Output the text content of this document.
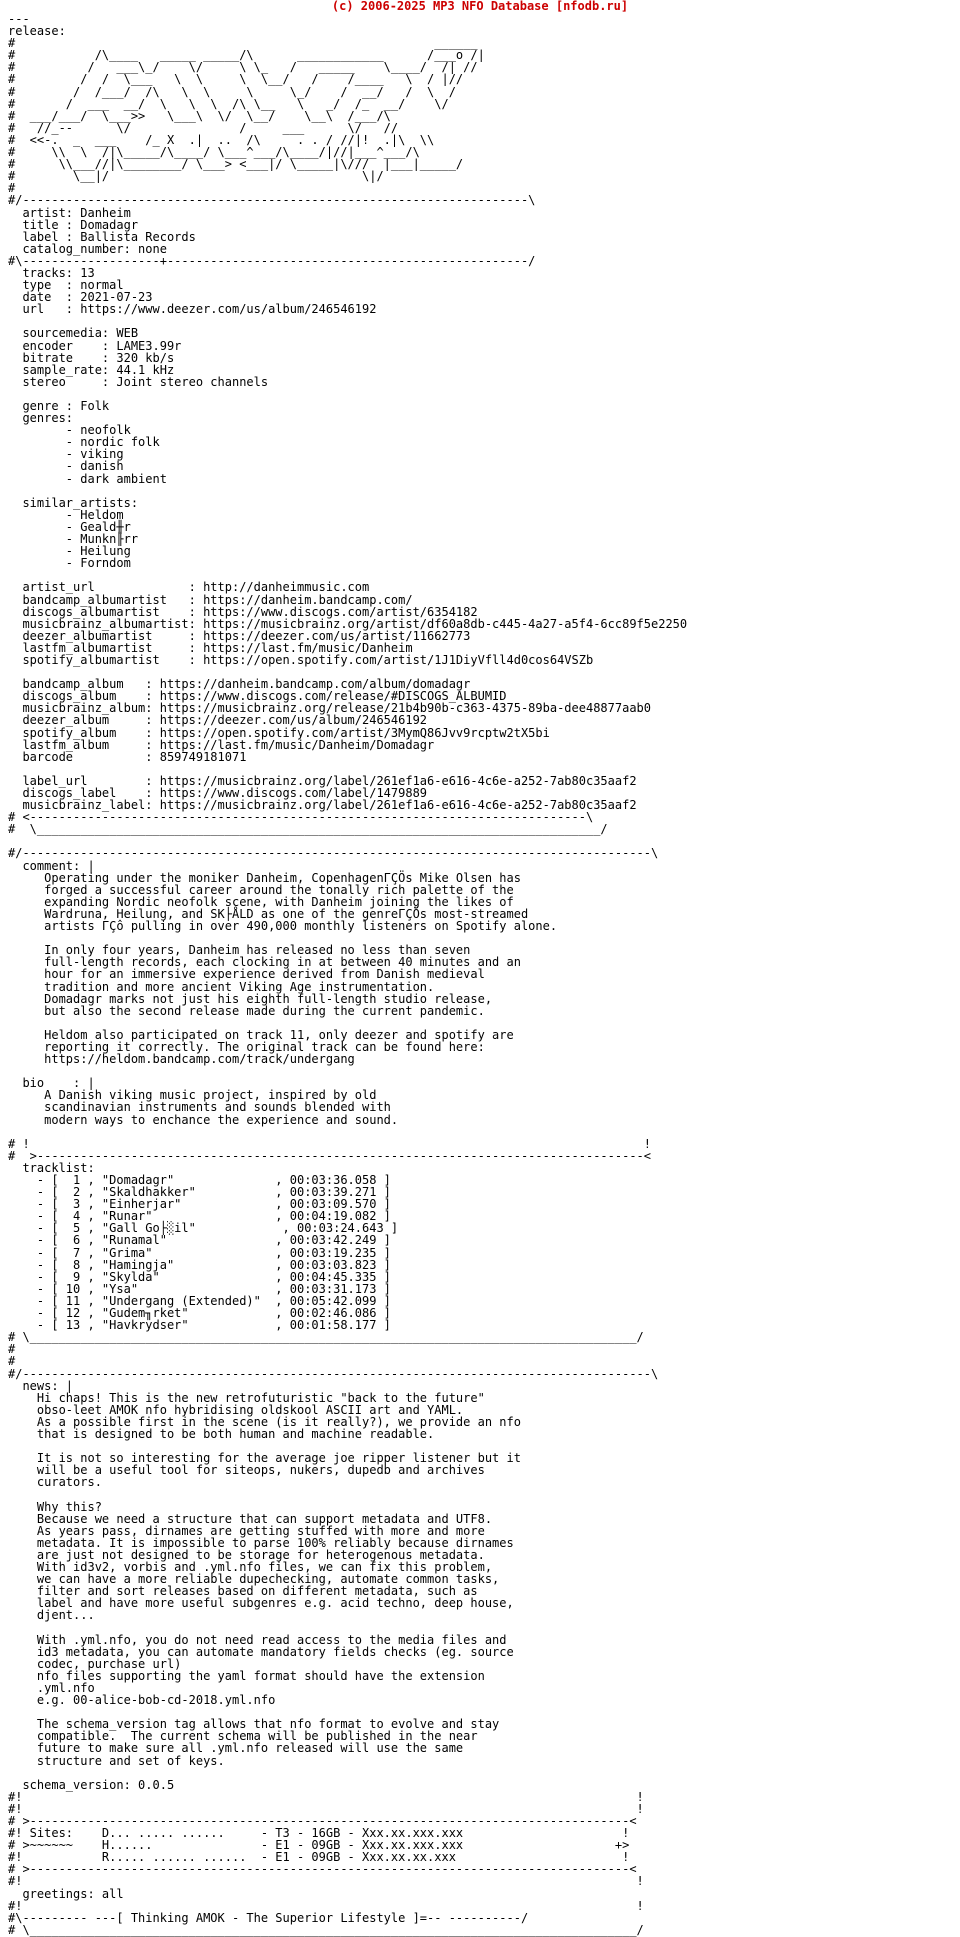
(c) 2006-2025 MP3 NFO Database [nfodb.ru]
---
release:
#                                                          ______
#           /\____   _____ _____/\      ____________      /___o /|
#          /   ___\_/    \/     \ \_   /   _____    \____/  /| //
#         /  /  \___   \  \     \  \__/   /    /____   \  / |//
#        /  /___/  /\   \  \     \     \_/    /  __/   /  \  /
#       /  ___  __/  \   \  \  /\ \__   \   _/  /_  __/    \/
#  ___/___/  \___>>   \___\  \/  \__/    \__\  /___/\
#   //_--      \/               /     ___      \/   //
#  <<-.  _  ___    /_ X  .|  ..  /\     . . / //|!  .|\  \\
#     \\  \  /|\_____/\____/ \___^___/\____/|//|___^___/\
#      \\___//|\________/ \___> <___|/ \_____|\///  |___|_____/
#        \__|/                                   \|/
#
#/----------------------------------------------------------------------\
artist: Danheim
title : Domadagr
label : Ballista Records
catalog_number: none
#\-------------------+--------------------------------------------------/
tracks: 13
type  : normal
date  : 2021-07-23
url   : https://www.deezer.com/us/album/246546192

sourcemedia: WEB
encoder    : LAME3.99r
bitrate    : 320 kb/s
sample_rate: 44.1 kHz
stereo     : Joint stereo channels

genre : Folk
genres:
- neofolk
- nordic folk
- viking
- danish
- dark ambient

similar_artists:
- Heldom
- Geald╫r
- Munkn╟rr
- Heilung
- Forndom

artist_url             : http://danheimmusic.com
bandcamp_albumartist   : https://danheim.bandcamp.com/
discogs_albumartist    : https://www.discogs.com/artist/6354182
musicbrainz_albumartist: https://musicbrainz.org/artist/df60a8db-c445-4a27-a5f4-6cc89f5e2250
deezer_albumartist     : https://deezer.com/us/artist/11662773
lastfm_albumartist     : https://last.fm/music/Danheim
spotify_albumartist    : https://open.spotify.com/artist/1J1DiyVfll4d0cos64VSZb

bandcamp_album   : https://danheim.bandcamp.com/album/domadagr
discogs_album    : https://www.discogs.com/release/#DISCOGS_ALBUMID
musicbrainz_album: https://musicbrainz.org/release/21b4b90b-c363-4375-89ba-dee48877aab0
deezer_album     : https://deezer.com/us/album/246546192
spotify_album    : https://open.spotify.com/artist/3MymQ86Jvv9rcptw2tX5bi
lastfm_album     : https://last.fm/music/Danheim/Domadagr
barcode          : 859749181071

label_url        : https://musicbrainz.org/label/261ef1a6-e616-4c6e-a252-7ab80c35aaf2
discogs_label    : https://www.discogs.com/label/1479889
musicbrainz_label: https://musicbrainz.org/label/261ef1a6-e616-4c6e-a252-7ab80c35aaf2
# <-----------------------------------------------------------------------------\
#  \______________________________________________________________________________/

#/---------------------------------------------------------------------------------------\
comment: |
Operating under the moniker Danheim, CopenhagenΓÇÖs Mike Olsen has
forged a successful career around the tonally rich palette of the
expanding Nordic neofolk scene, with Danheim joining the likes of
Wardruna, Heilung, and SK├ÅLD as one of the genreΓÇÖs most-streamed
artists ΓÇô pulling in over 490,000 monthly listeners on Spotify alone.

In only four years, Danheim has released no less than seven
full-length records, each clocking in at between 40 minutes and an
hour for an immersive experience derived from Danish medieval
tradition and more ancient Viking Age instrumentation.
Domadagr marks not just his eighth full-length studio release,
but also the second release made during the current pandemic.

Heldom also participated on track 11, only deezer and spotify are
reporting it correctly. The original track can be found here:
https://heldom.bandcamp.com/track/undergang

bio    : |
A Danish viking music project, inspired by old
scandinavian instruments and sounds blended with
modern ways to enchance the experience and sound.

# !                                                                                     !
#  >------------------------------------------------------------------------------------<
tracklist:
- [  1 , "Domadagr"              , 00:03:36.058 ]
- [  2 , "Skaldhakker"           , 00:03:39.271 ]
- [  3 , "Einherjar"             , 00:03:09.570 ]
- [  4 , "Runar"                 , 00:04:19.082 ]
- [  5 , "Gall Go├░il"            , 00:03:24.643 ]
- [  6 , "Runamal"               , 00:03:42.249 ]
- [  7 , "Grima"                 , 00:03:19.235 ]
- [  8 , "Hamingja"              , 00:03:03.823 ]
- [  9 , "Skylda"                , 00:04:45.335 ]
- [ 10 , "Ysa"                   , 00:03:31.173 ]
- [ 11 , "Undergang (Extended)"  , 00:05:42.099 ]
- [ 12 , "Gudem╖rket"            , 00:02:46.086 ]
- [ 13 , "Havkrydser"            , 00:01:58.177 ]
# \____________________________________________________________________________________/
#
#
#/---------------------------------------------------------------------------------------\
news: |
Hi chaps! This is the new retrofuturistic "back to the future"
obso-leet AMOK nfo hybridising oldskool ASCII art and YAML.
As a possible first in the scene (is it really?), we provide an nfo
that is designed to be both human and machine readable.

It is not so interesting for the average joe ripper listener but it
will be a useful tool for siteops, nukers, dupedb and archives
curators.

Why this?
Because we need a structure that can support metadata and UTF8.
As years pass, dirnames are getting stuffed with more and more
metadata. It is impossible to parse 100% reliably because dirnames
are just not designed to be storage for heterogenous metadata.
With id3v2, vorbis and .yml.nfo files, we can fix this problem,
we can have a more reliable dupechecking, automate common tasks,
filter and sort releases based on different metadata, such as
label and have more useful subgenres e.g. acid techno, deep house,
djent...

With .yml.nfo, you do not need read access to the media files and
id3 metadata, you can automate mandatory fields checks (eg. source
codec, purchase url)
nfo files supporting the yaml format should have the extension
.yml.nfo
e.g. 00-alice-bob-cd-2018.yml.nfo

The schema_version tag allows that nfo format to evolve and stay
compatible.  The current schema will be published in the near
future to make sure all .yml.nfo released will use the same
structure and set of keys.

schema_version: 0.0.5
#!                                                                                     !
#!                                                                                     !
# >-----------------------------------------------------------------------------------<
#! Sites:    D... ..... ......     - T3 - 16GB - Xxx.xx.xxx.xxx                      !
# >~~~~~~    H......               - E1 - 09GB - Xxx.xx.xxx.xxx                     +>
#!           R..... ...... ......  - E1 - 09GB - Xxx.xx.xx.xxx                       !
# >-----------------------------------------------------------------------------------<
#!                                                                                     !
greetings: all
#!                                                                                     !
#\--------- ---[ Thinking AMOK - The Superior Lifestyle ]=-- ----------/
# \____________________________________________________________________________________/
